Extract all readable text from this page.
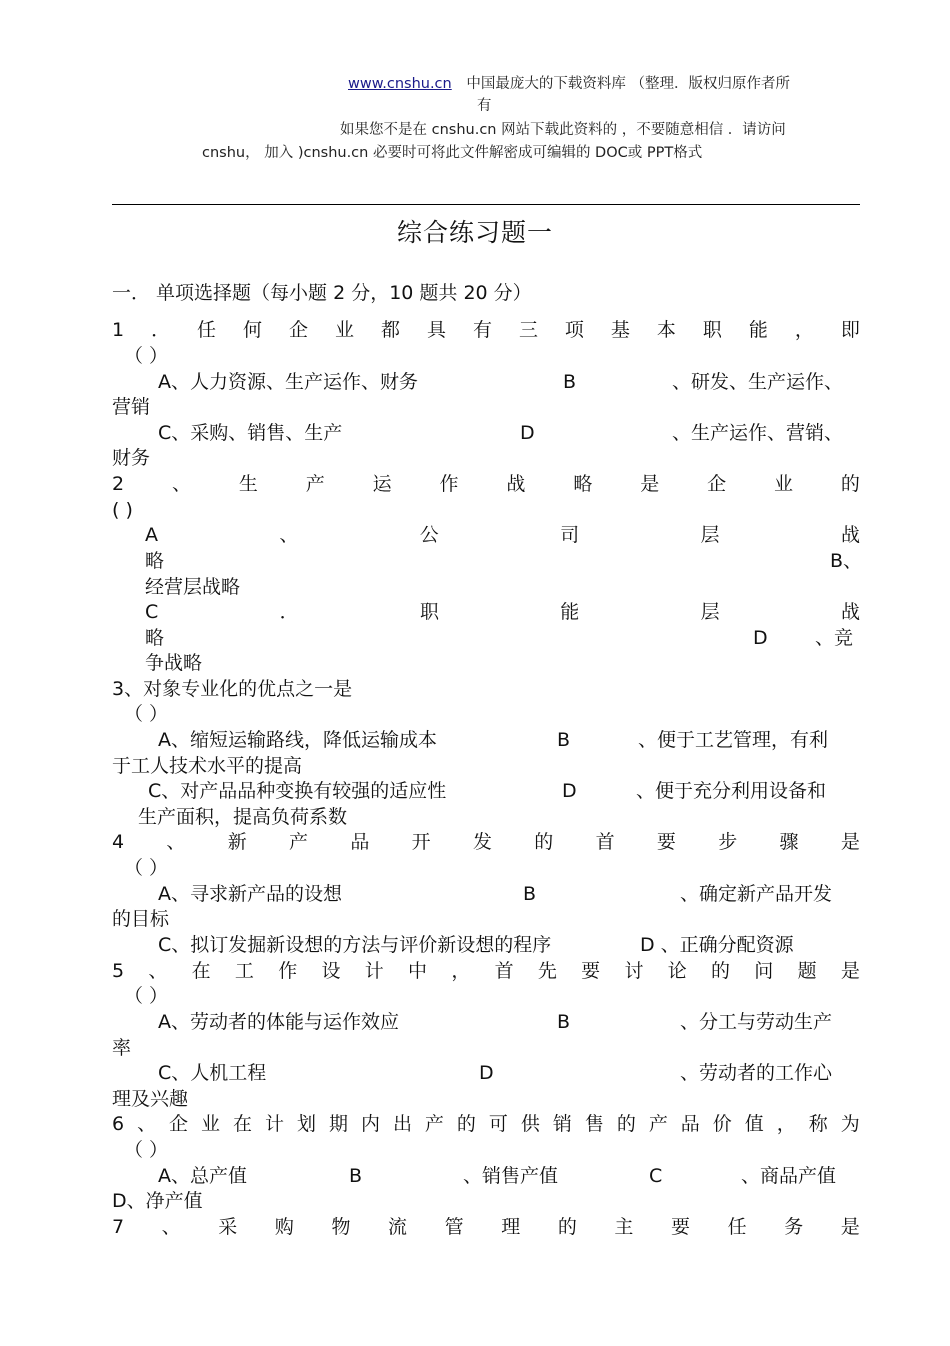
www.cnshu.cn 中国最庞大的下载资料库 （整理．版权归原作者所
有
如果您不是在 cnshu.cn 网站下载此资料的 ，不要随意相信 ．请访问
cnshu， 加入 )cnshu.cn 必要时可将此文件解密成可编辑的 DOC或 PPT格式
综合练习题一
一． 单项选择题（每小题 2 分，10 题共 20 分）
1 ． 任 何 企 业 都 具 有 三 项 基 本 职 能 ， 即
（ ）
A、人力资源、生产运作、财务	B	、研发、生产运作、
营销
C、采购、销售、生产	D	、生产运作、营销、
财务
2	、	生	产	运	作	战	略	是	企	业	的
( )
A	、	公	司	层	战
略	B、
经营层战略
C	．	职	能	层	战
略	D 、竞
争战略
3、对象专业化的优点之一是
（ ）
A、缩短运输路线，降低运输成本	B	、便于工艺管理，有利
于工人技术水平的提高
C、对产品品种变换有较强的适应性	D	、便于充分利用设备和
生产面积，提高负荷系数
4 、 新 产 品 开 发 的 首 要 步 骤 是
（ ）
A、寻求新产品的设想	B	、确定新产品开发
的目标
C、拟订发掘新设想的方法与评价新设想的程序	D 、正确分配资源
5 、 在 工 作 设 计 中 ， 首 先 要 讨 论 的 问 题 是
（ ）
A、劳动者的体能与运作效应	B	、分工与劳动生产
率
C、人机工程	D	、劳动者的工作心
理及兴趣
6 、 企 业 在 计 划 期 内 出 产 的 可 供 销 售 的 产 品 价 值 ， 称 为
（ ）
A、总产值	B	、销售产值	C	、商品产值
D、净产值
7 、 采 购 物 流 管 理 的 主 要 任 务 是
